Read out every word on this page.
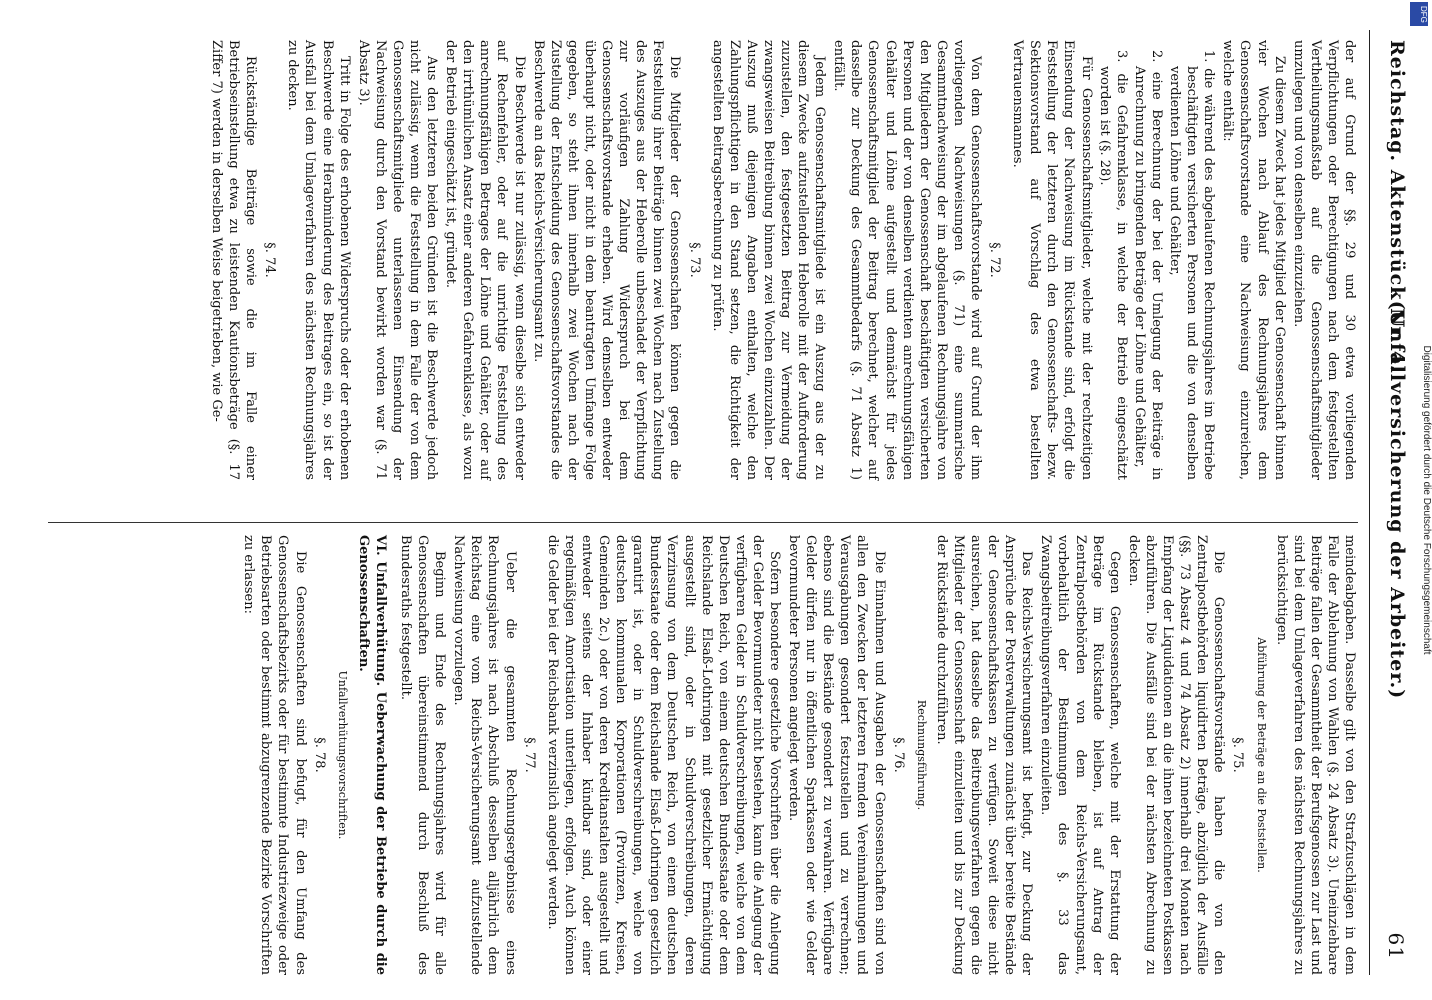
Reichstag. Aktenstück Nr. 4.
(Unfallversicherung der Arbeiter.)
61

der auf Grund der §§. 29 und 30 etwa vorliegenden Verpflichtungen oder Berechtigungen nach dem festgestellten Vertheilungsmaßstab auf die Genossenschaftsmitglieder umzulegen und von denselben einzuziehen.

Zu diesem Zweck hat jedes Mitglied der Genossenschaft binnen vier Wochen nach Ablauf des Rechnungsjahres dem Genossenschaftsvorstande eine Nachweisung einzureichen, welche enthält:

1. die während des abgelaufenen Rechnungsjahres im Betriebe beschäftigten versicherten Personen und die von denselben verdienten Löhne und Gehälter,

2. eine Berechnung der bei der Umlegung der Beiträge in Anrechnung zu bringenden Beträge der Löhne und Gehälter,

3. die Gefahrenklasse, in welche der Betrieb eingeschätzt worden ist (§. 28).

Für Genossenschaftsmitglieder, welche mit der rechtzeitigen Einsendung der Nachweisung im Rückstande sind, erfolgt die Feststellung der letzteren durch den Genossenschafts- bezw. Sektionsvorstand auf Vorschlag des etwa bestellten Vertrauensmannes.

§. 72.

Von dem Genossenschaftsvorstande wird auf Grund der ihm vorliegenden Nachweisungen (§. 71) eine summarische Gesammtnachweisung der im abgelaufenen Rechnungsjahre von den Mitgliedern der Genossenschaft beschäftigten versicherten Personen und der von denselben verdienten anrechnungsfähigen Gehälter und Löhne aufgestellt und demnächst für jedes Genossenschaftsmitglied der Beitrag berechnet, welcher auf dasselbe zur Deckung des Gesammtbedarfs (§. 71 Absatz 1) entfällt.

Jedem Genossenschaftsmitgliede ist ein Auszug aus der zu diesem Zwecke aufzustellenden Heberolle mit der Aufforderung zuzustellen, den festgesetzten Beitrag zur Vermeidung der zwangsweisen Beitreibung binnen zwei Wochen einzuzahlen. Der Auszug muß diejenigen Angaben enthalten, welche den Zahlungspflichtigen in den Stand setzen, die Richtigkeit der angestellten Beitragsberechnung zu prüfen.

§. 73.

Die Mitglieder der Genossenschaften können gegen die Feststellung ihrer Beiträge binnen zwei Wochen nach Zustellung des Auszuges aus der Heberolle unbeschadet der Verpflichtung zur vorläufigen Zahlung Widerspruch bei dem Genossenschaftsvorstande erheben. Wird demselben entweder überhaupt nicht, oder nicht in dem beantragten Umfange Folge gegeben, so steht ihnen innerhalb zwei Wochen nach der Zustellung der Entscheidung des Genossenschaftsvorstandes die Beschwerde an das Reichs-Versicherungsamt zu.

Die Beschwerde ist nur zulässig, wenn dieselbe sich entweder auf Rechenfehler, oder auf die unrichtige Feststellung des anrechnungsfähigen Betrages der Löhne und Gehälter, oder auf den irrthümlichen Ansatz einer anderen Gefahrenklasse, als wozu der Betrieb eingeschätzt ist, gründet.

Aus den letzteren beiden Gründen ist die Beschwerde jedoch nicht zulässig, wenn die Feststellung in dem Falle der von dem Genossenschaftsmitgliede unterlassenen Einsendung der Nachweisung durch den Vorstand bewirkt worden war (§. 71 Absatz 3).

Tritt in Folge des erhobenen Widerspruchs oder der erhobenen Beschwerde eine Herabminderung des Beitrages ein, so ist der Ausfall bei dem Umlageverfahren des nächsten Rechnungsjahres zu decken.

§. 74.

Rückständige Beiträge sowie die im Falle einer Betriebseinstellung etwa zu leistenden Kautionsbeträge (§. 17 Ziffer 7) werden in derselben Weise beigetrieben, wie Ge-

meindeabgaben. Dasselbe gilt von den Strafzuschlägen in dem Falle der Ablehnung von Wahlen (§. 24 Absatz 3). Uneinziehbare Beiträge fallen der Gesammtheit der Berufsgenossen zur Last und sind bei dem Umlageverfahren des nächsten Rechnungsjahres zu berücksichtigen.

Abführung der Beträge an die Poststellen.
§. 75.

Die Genossenschaftsvorstände haben die von den Zentralpostbehörden liquidirten Beträge, abzüglich der Ausfälle (§§. 73 Absatz 4 und 74 Absatz 2) innerhalb drei Monaten nach Empfang der Liquidationen an die ihnen bezeichneten Postkassen abzuführen. Die Ausfälle sind bei der nächsten Abrechnung zu decken.

Gegen Genossenschaften, welche mit der Erstattung der Beträge im Rückstande bleiben, ist auf Antrag der Zentralpostbehörden von dem Reichs-Versicherungsamt, vorbehaltlich der Bestimmungen des §. 33 das Zwangsbeitreibungsverfahren einzuleiten.

Das Reichs-Versicherungsamt ist befugt, zur Deckung der Ansprüche der Postverwaltungen zunächst über bereite Bestände der Genossenschaftskassen zu verfügen. Soweit diese nicht ausreichen, hat dasselbe das Beitreibungsverfahren gegen die Mitglieder der Genossenschaft einzuleiten und bis zur Deckung der Rückstände durchzuführen.

Rechnungsführung.
§. 76.

Die Einnahmen und Ausgaben der Genossenschaften sind von allen den Zwecken der letzteren fremden Vereinnahmungen und Verausgabungen gesondert festzustellen und zu verrechnen; ebenso sind die Bestände gesondert zu verwahren. Verfügbare Gelder dürfen nur in öffentlichen Sparkassen oder wie Gelder bevormundeter Personen angelegt werden.

Sofern besondere gesetzliche Vorschriften über die Anlegung der Gelder Bevormundeter nicht bestehen, kann die Anlegung der verfügbaren Gelder in Schuldverschreibungen, welche von dem Deutschen Reich, von einem deutschen Bundesstaate oder dem Reichslande Elsaß-Lothringen mit gesetzlicher Ermächtigung ausgestellt sind, oder in Schuldverschreibungen, deren Verzinsung von dem Deutschen Reich, von einem deutschen Bundesstaate oder dem Reichslande Elsaß-Lothringen gesetzlich garantirt ist, oder in Schuldverschreibungen, welche von deutschen kommunalen Korporationen (Provinzen, Kreisen, Gemeinden 2c.) oder von deren Kreditanstalten ausgestellt und entweder seitens der Inhaber kündbar sind, oder einer regelmäßigen Amortisation unterliegen, erfolgen. Auch können die Gelder bei der Reichsbank verzinslich angelegt werden.

§. 77.

Ueber die gesammten Rechnungsergebnisse eines Rechnungsjahres ist nach Abschluß desselben alljährlich dem Reichstag eine vom Reichs-Versicherungsamt aufzustellende Nachweisung vorzulegen.

Beginn und Ende des Rechnungsjahres wird für alle Genossenschaften übereinstimmend durch Beschluß des Bundesraths festgestellt.

VI. Unfallverhütung. Ueberwachung der Betriebe durch die Genossenschaften.
Unfallverhütungsvorschriften.
§. 78.

Die Genossenschaften sind befugt, für den Umfang des Genossenschaftsbezirks oder für bestimmte Industriezweige oder Betriebsarten oder bestimmt abzugrenzende Bezirke Vorschriften zu erlassen:	Digitalisierung gefördert durch die Deutsche Forschungsgemeinschaft
DFG
